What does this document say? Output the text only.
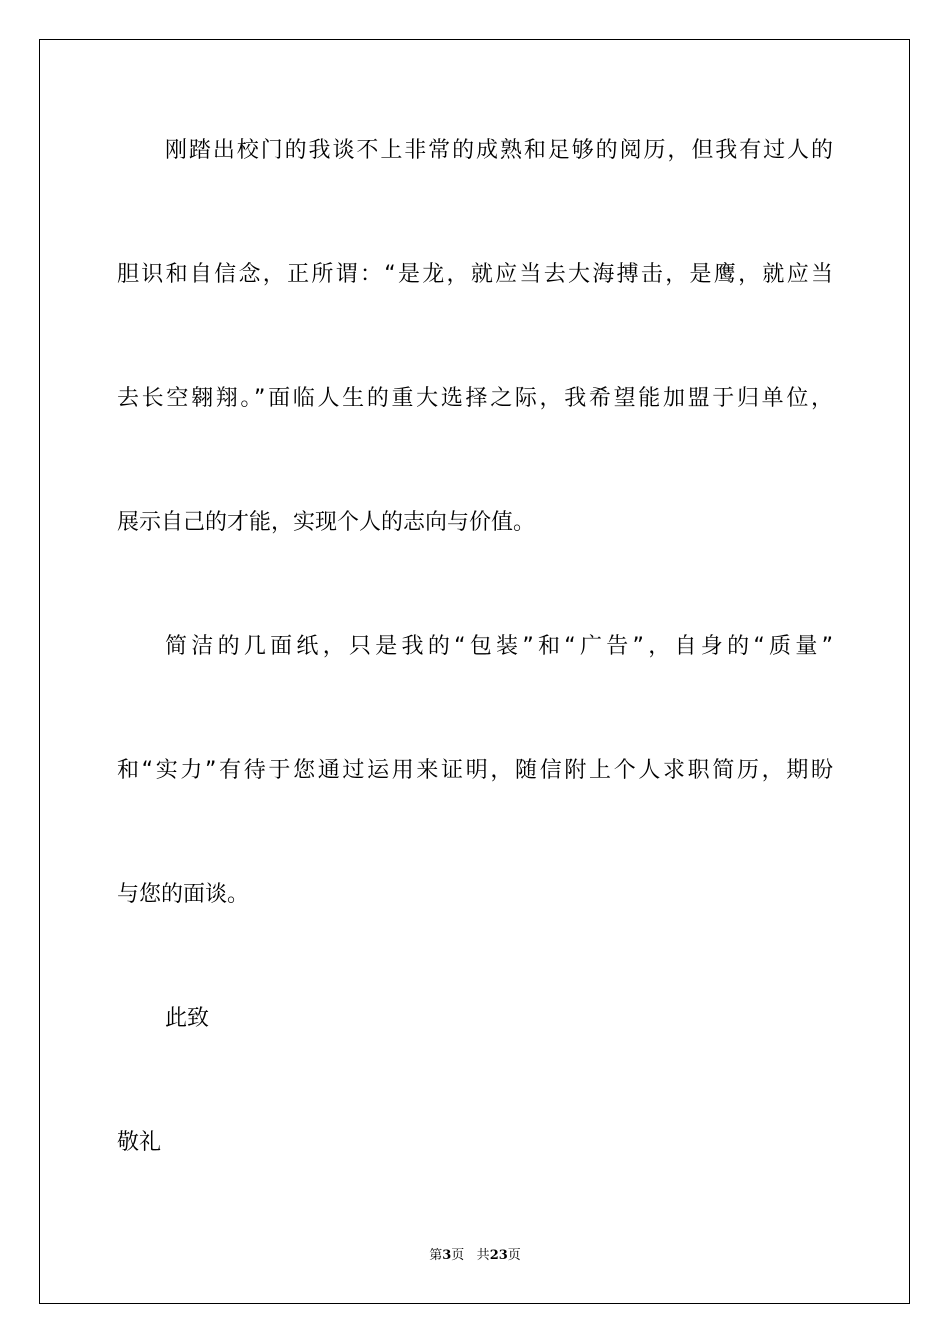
刚踏出校门的我谈不上非常的成熟和足够的阅历，但我有过人的
胆识和自信念，正所谓：“是龙，就应当去大海搏击，是鹰，就应当
去长空翱翔。”面临人生的重大选择之际，我希望能加盟于归单位，
展示自己的才能，实现个人的志向与价值。
简洁的几面纸，只是我的“包装”和“广告”，自身的“质量”
和“实力”有待于您通过运用来证明，随信附上个人求职简历，期盼
与您的面谈。
此致
敬礼
第3页 共23页
